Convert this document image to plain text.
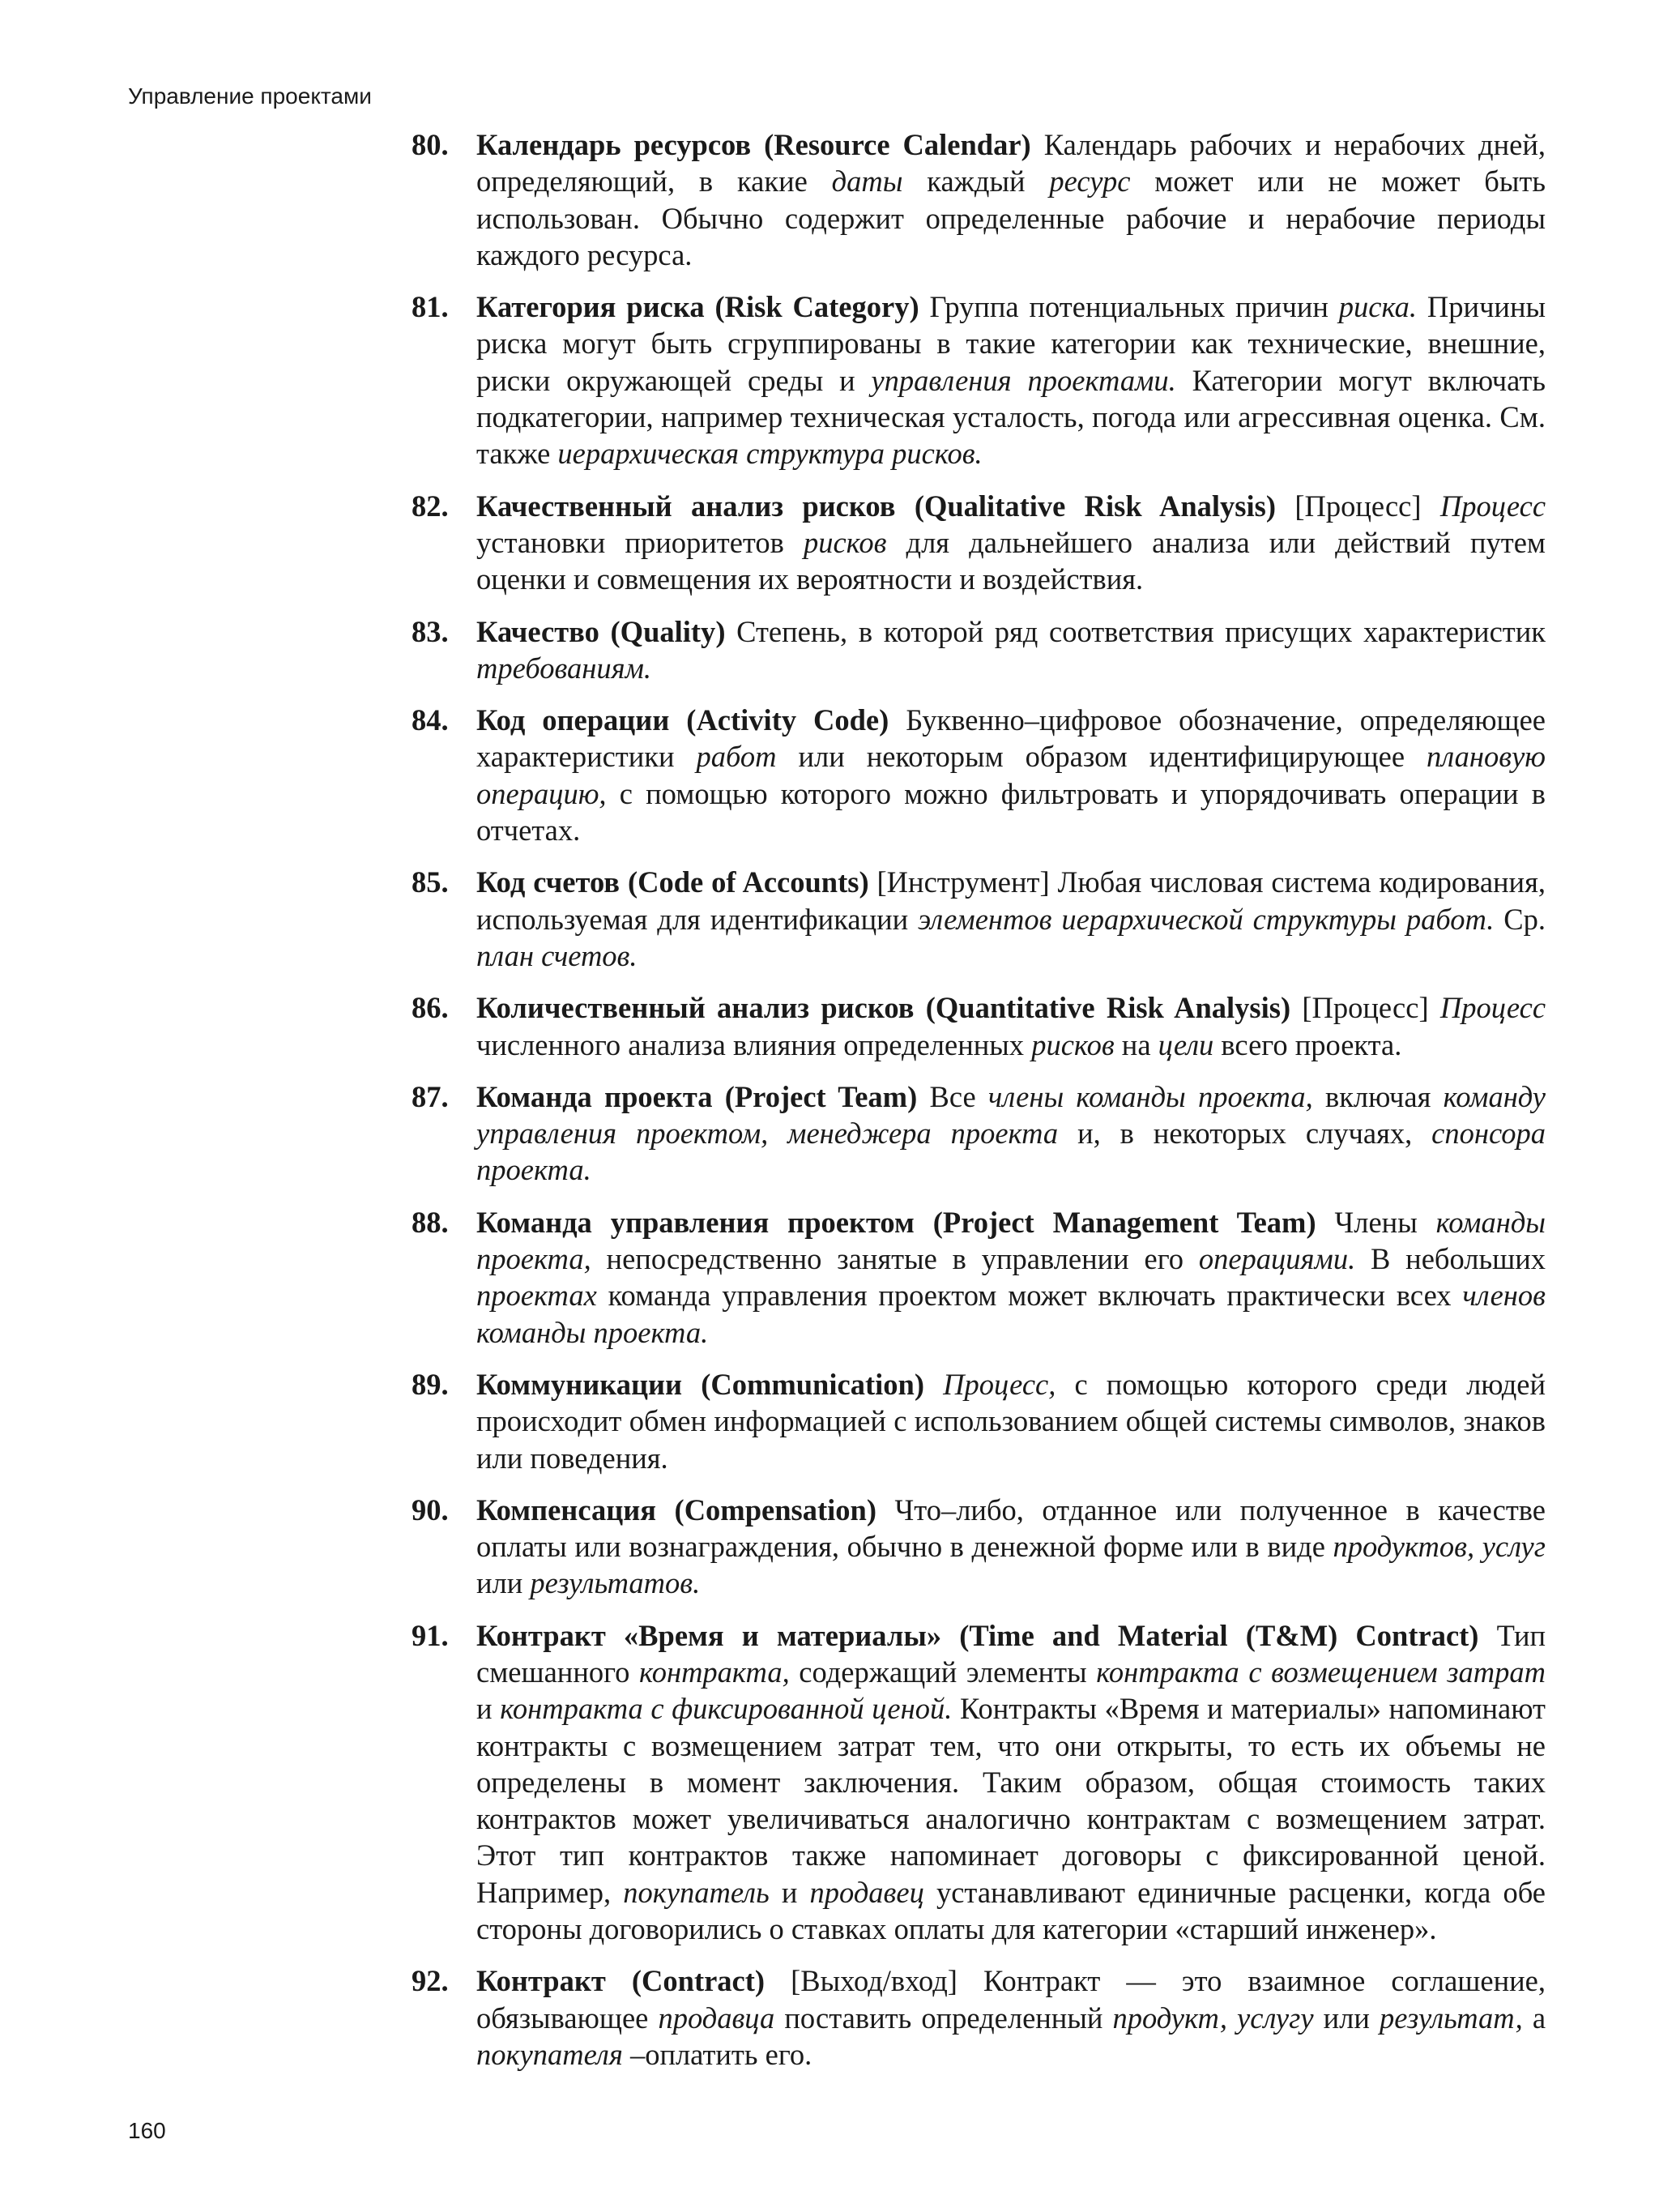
Управление проектами
80. Календарь ресурсов (Resource Calendar) Календарь рабочих и нерабочих дней, определяющий, в какие даты каждый ресурс может или не может быть использован. Обычно содержит определенные рабочие и нерабочие периоды каждого ресурса.
81. Категория риска (Risk Category) Группа потенциальных причин риска. Причины риска могут быть сгруппированы в такие категории как технические, внешние, риски окружающей среды и управления проектами. Категории могут включать подкатегории, например техническая усталость, погода или агрессивная оценка. См. также иерархическая структура рисков.
82. Качественный анализ рисков (Qualitative Risk Analysis) [Процесс] Процесс установки приоритетов рисков для дальнейшего анализа или действий путем оценки и совмещения их вероятности и воздействия.
83. Качество (Quality) Степень, в которой ряд соответствия присущих характеристик требованиям.
84. Код операции (Activity Code) Буквенно–цифровое обозначение, определяющее характеристики работ или некоторым образом идентифицирующее плановую операцию, с помощью которого можно фильтровать и упорядочивать операции в отчетах.
85. Код счетов (Code of Accounts) [Инструмент] Любая числовая система кодирования, используемая для идентификации элементов иерархической структуры работ. Ср. план счетов.
86. Количественный анализ рисков (Quantitative Risk Analysis) [Процесс] Процесс численного анализа влияния определенных рисков на цели всего проекта.
87. Команда проекта (Project Team) Все члены команды проекта, включая команду управления проектом, менеджера проекта и, в некоторых случаях, спонсора проекта.
88. Команда управления проектом (Project Management Team) Члены команды проекта, непосредственно занятые в управлении его операциями. В небольших проектах команда управления проектом может включать практически всех членов команды проекта.
89. Коммуникации (Communication) Процесс, с помощью которого среди людей происходит обмен информацией с использованием общей системы символов, знаков или поведения.
90. Компенсация (Compensation) Что–либо, отданное или полученное в качестве оплаты или вознаграждения, обычно в денежной форме или в виде продуктов, услуг или результатов.
91. Контракт «Время и материалы» (Time and Material (T&M) Contract) Тип смешанного контракта, содержащий элементы контракта с возмещением затрат и контракта с фиксированной ценой. Контракты «Время и материалы» напоминают контракты с возмещением затрат тем, что они открыты, то есть их объемы не определены в момент заключения. Таким образом, общая стоимость таких контрактов может увеличиваться аналогично контрактам с возмещением затрат. Этот тип контрактов также напоминает договоры с фиксированной ценой. Например, покупатель и продавец устанавливают единичные расценки, когда обе стороны договорились о ставках оплаты для категории «старший инженер».
92. Контракт (Contract) [Выход/вход] Контракт — это взаимное соглашение, обязывающее продавца поставить определенный продукт, услугу или результат, а покупателя –оплатить его.
160
